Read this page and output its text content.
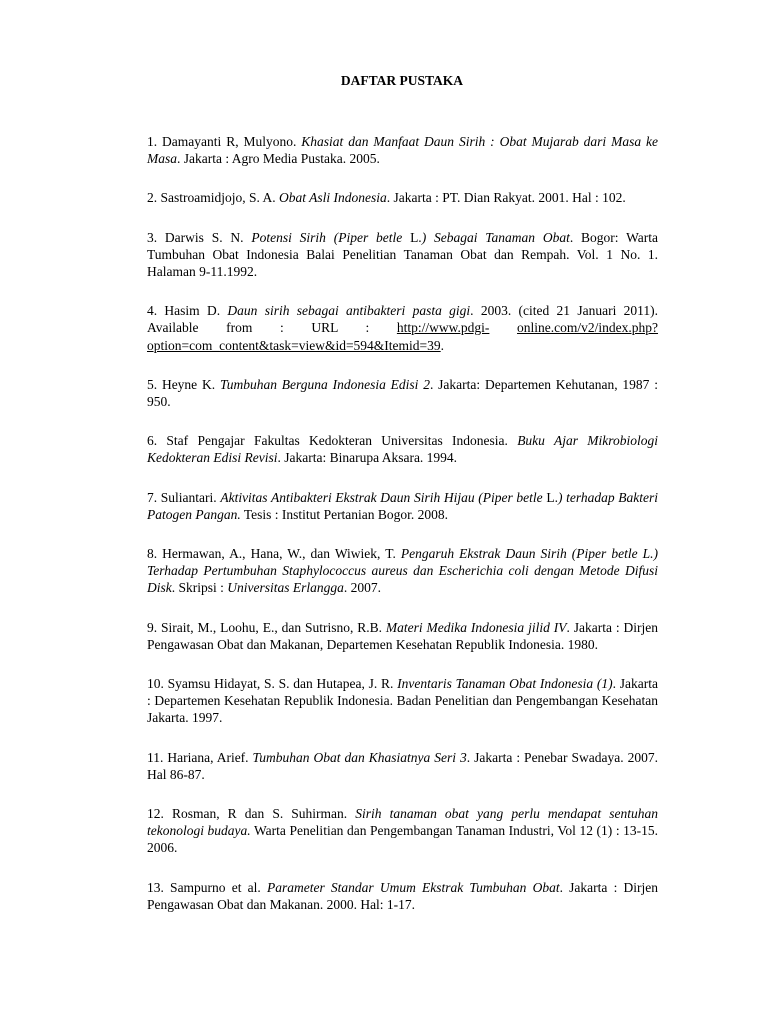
DAFTAR PUSTAKA

1. Damayanti R, Mulyono. Khasiat dan Manfaat Daun Sirih : Obat Mujarab dari Masa ke Masa. Jakarta : Agro Media Pustaka. 2005.

2. Sastroamidjojo, S. A. Obat Asli Indonesia. Jakarta : PT. Dian Rakyat. 2001. Hal : 102.

3. Darwis S. N. Potensi Sirih (Piper betle L.) Sebagai Tanaman Obat. Bogor: Warta Tumbuhan Obat Indonesia Balai Penelitian Tanaman Obat dan Rempah. Vol. 1 No. 1. Halaman 9-11.1992.

4. Hasim D. Daun sirih sebagai antibakteri pasta gigi. 2003. (cited 21 Januari 2011). Available from : URL : http://www.pdgi- online.com/v2/index.php?option=com_content&task=view&id=594&Itemid=39.

5. Heyne K. Tumbuhan Berguna Indonesia Edisi 2. Jakarta: Departemen Kehutanan, 1987 : 950.

6. Staf Pengajar Fakultas Kedokteran Universitas Indonesia. Buku Ajar Mikrobiologi Kedokteran Edisi Revisi. Jakarta: Binarupa Aksara. 1994.

7. Suliantari. Aktivitas Antibakteri Ekstrak Daun Sirih Hijau (Piper betle L.) terhadap Bakteri Patogen Pangan. Tesis : Institut Pertanian Bogor. 2008.

8. Hermawan, A., Hana, W., dan Wiwiek, T. Pengaruh Ekstrak Daun Sirih (Piper betle L.) Terhadap Pertumbuhan Staphylococcus aureus dan Escherichia coli dengan Metode Difusi Disk. Skripsi : Universitas Erlangga. 2007.

9. Sirait, M., Loohu, E., dan Sutrisno, R.B. Materi Medika Indonesia jilid IV. Jakarta : Dirjen Pengawasan Obat dan Makanan, Departemen Kesehatan Republik Indonesia. 1980.

10. Syamsu Hidayat, S. S. dan Hutapea, J. R. Inventaris Tanaman Obat Indonesia (1). Jakarta : Departemen Kesehatan Republik Indonesia. Badan Penelitian dan Pengembangan Kesehatan Jakarta. 1997.

11. Hariana, Arief. Tumbuhan Obat dan Khasiatnya Seri 3. Jakarta : Penebar Swadaya. 2007. Hal 86-87.

12. Rosman, R dan S. Suhirman. Sirih tanaman obat yang perlu mendapat sentuhan tekonologi budaya. Warta Penelitian dan Pengembangan Tanaman Industri, Vol 12 (1) : 13-15. 2006.

13. Sampurno et al. Parameter Standar Umum Ekstrak Tumbuhan Obat. Jakarta : Dirjen Pengawasan Obat dan Makanan. 2000. Hal: 1-17.
